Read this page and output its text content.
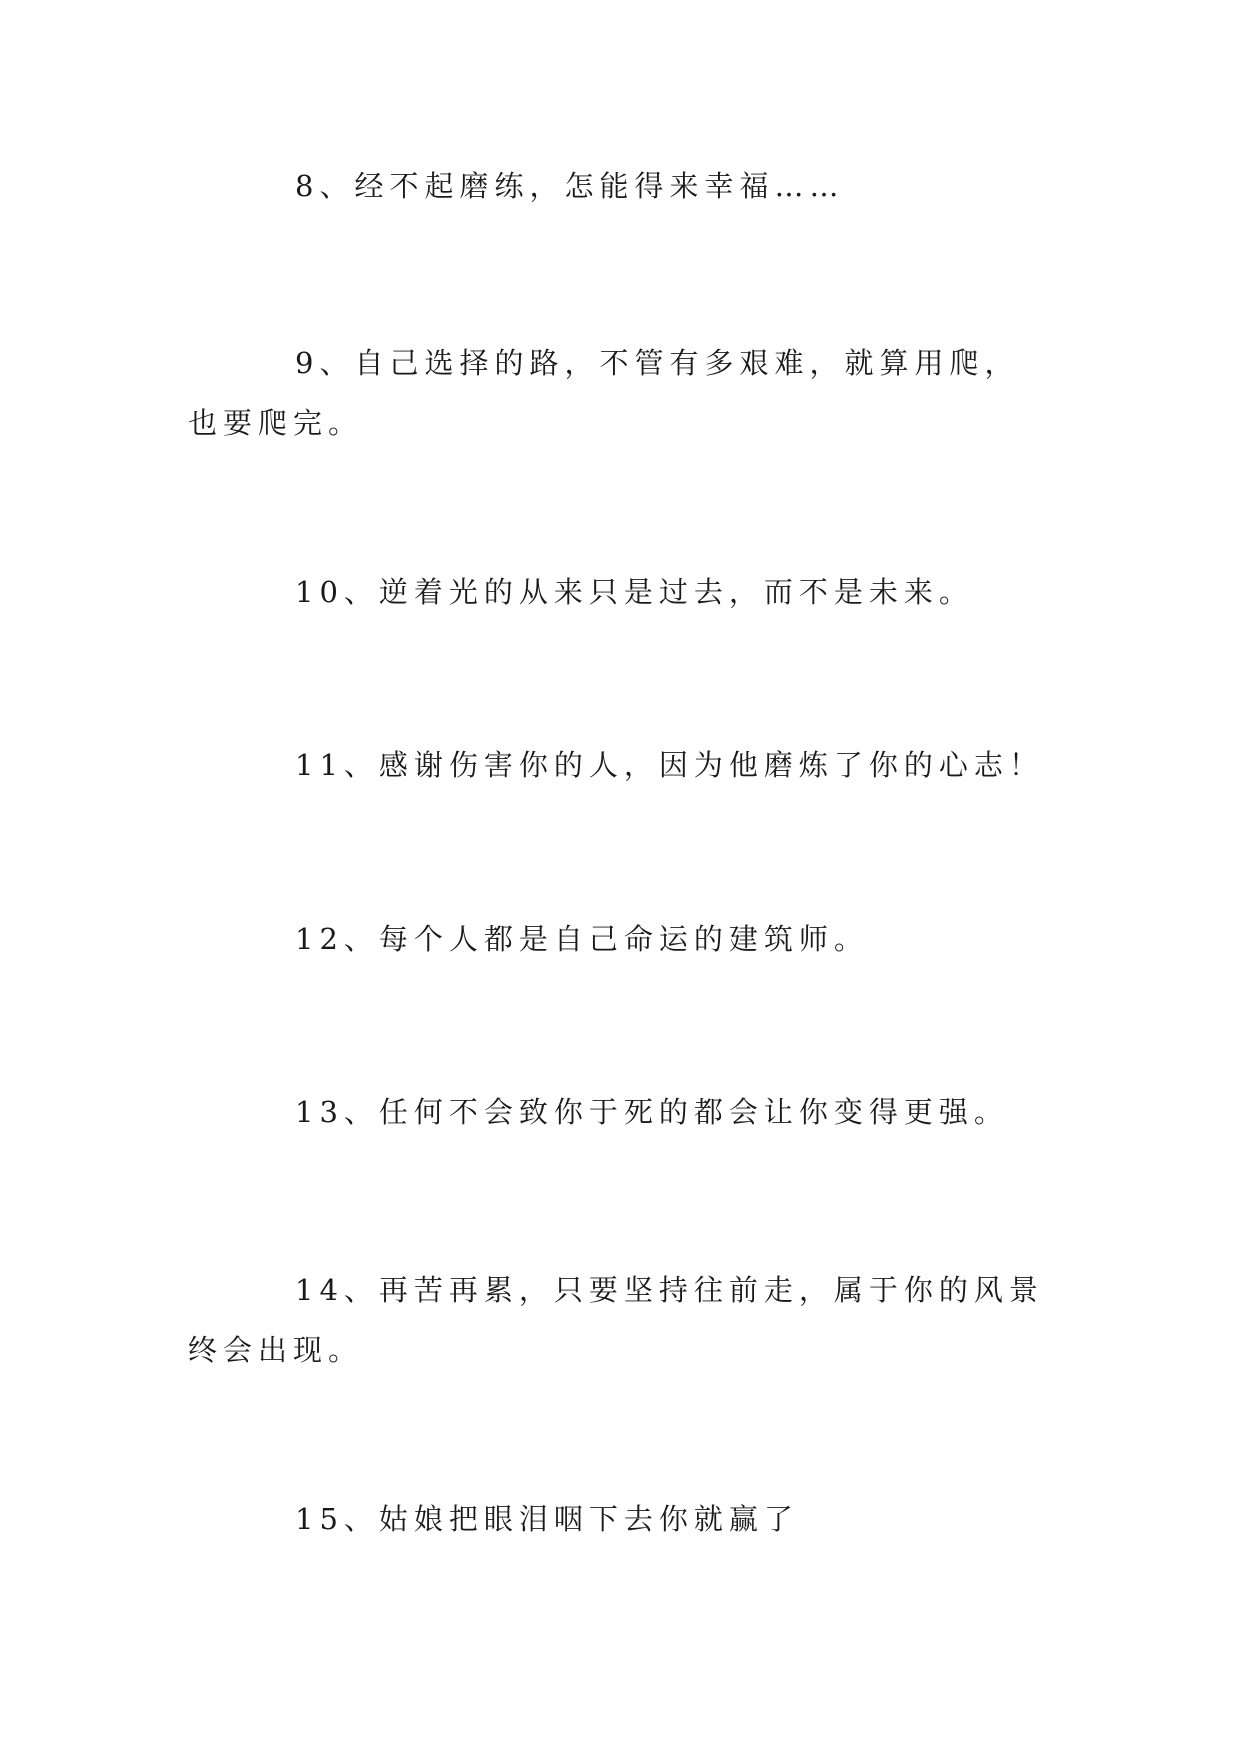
8、经不起磨练，怎能得来幸福……

9、自己选择的路，不管有多艰难，就算用爬，也要爬完。

10、逆着光的从来只是过去，而不是未来。

11、感谢伤害你的人，因为他磨炼了你的心志！

12、每个人都是自己命运的建筑师。

13、任何不会致你于死的都会让你变得更强。

14、再苦再累，只要坚持往前走，属于你的风景终会出现。

15、姑娘把眼泪咽下去你就赢了
